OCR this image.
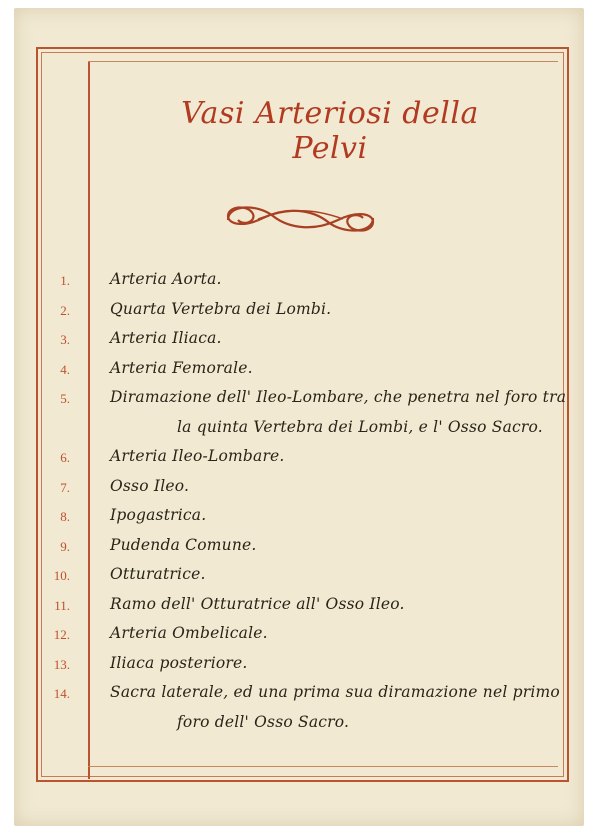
Vasi Arteriosi della Pelvi
1.	Arteria Aorta.
2.	Quarta Vertebra dei Lombi.
3.	Arteria Iliaca.
4.	Arteria Femorale.
5.	Diramazione dell' Ileo-Lombare, che penetra nel foro tra
la quinta Vertebra dei Lombi, e l' Osso Sacro.
6.	Arteria Ileo-Lombare.
7.	Osso Ileo.
8.	Ipogastrica.
9.	Pudenda Comune.
10.	Otturatrice.
11.	Ramo dell' Otturatrice all' Osso Ileo.
12.	Arteria Ombelicale.
13.	Iliaca posteriore.
14.	Sacra laterale, ed una prima sua diramazione nel primo
foro dell' Osso Sacro.
